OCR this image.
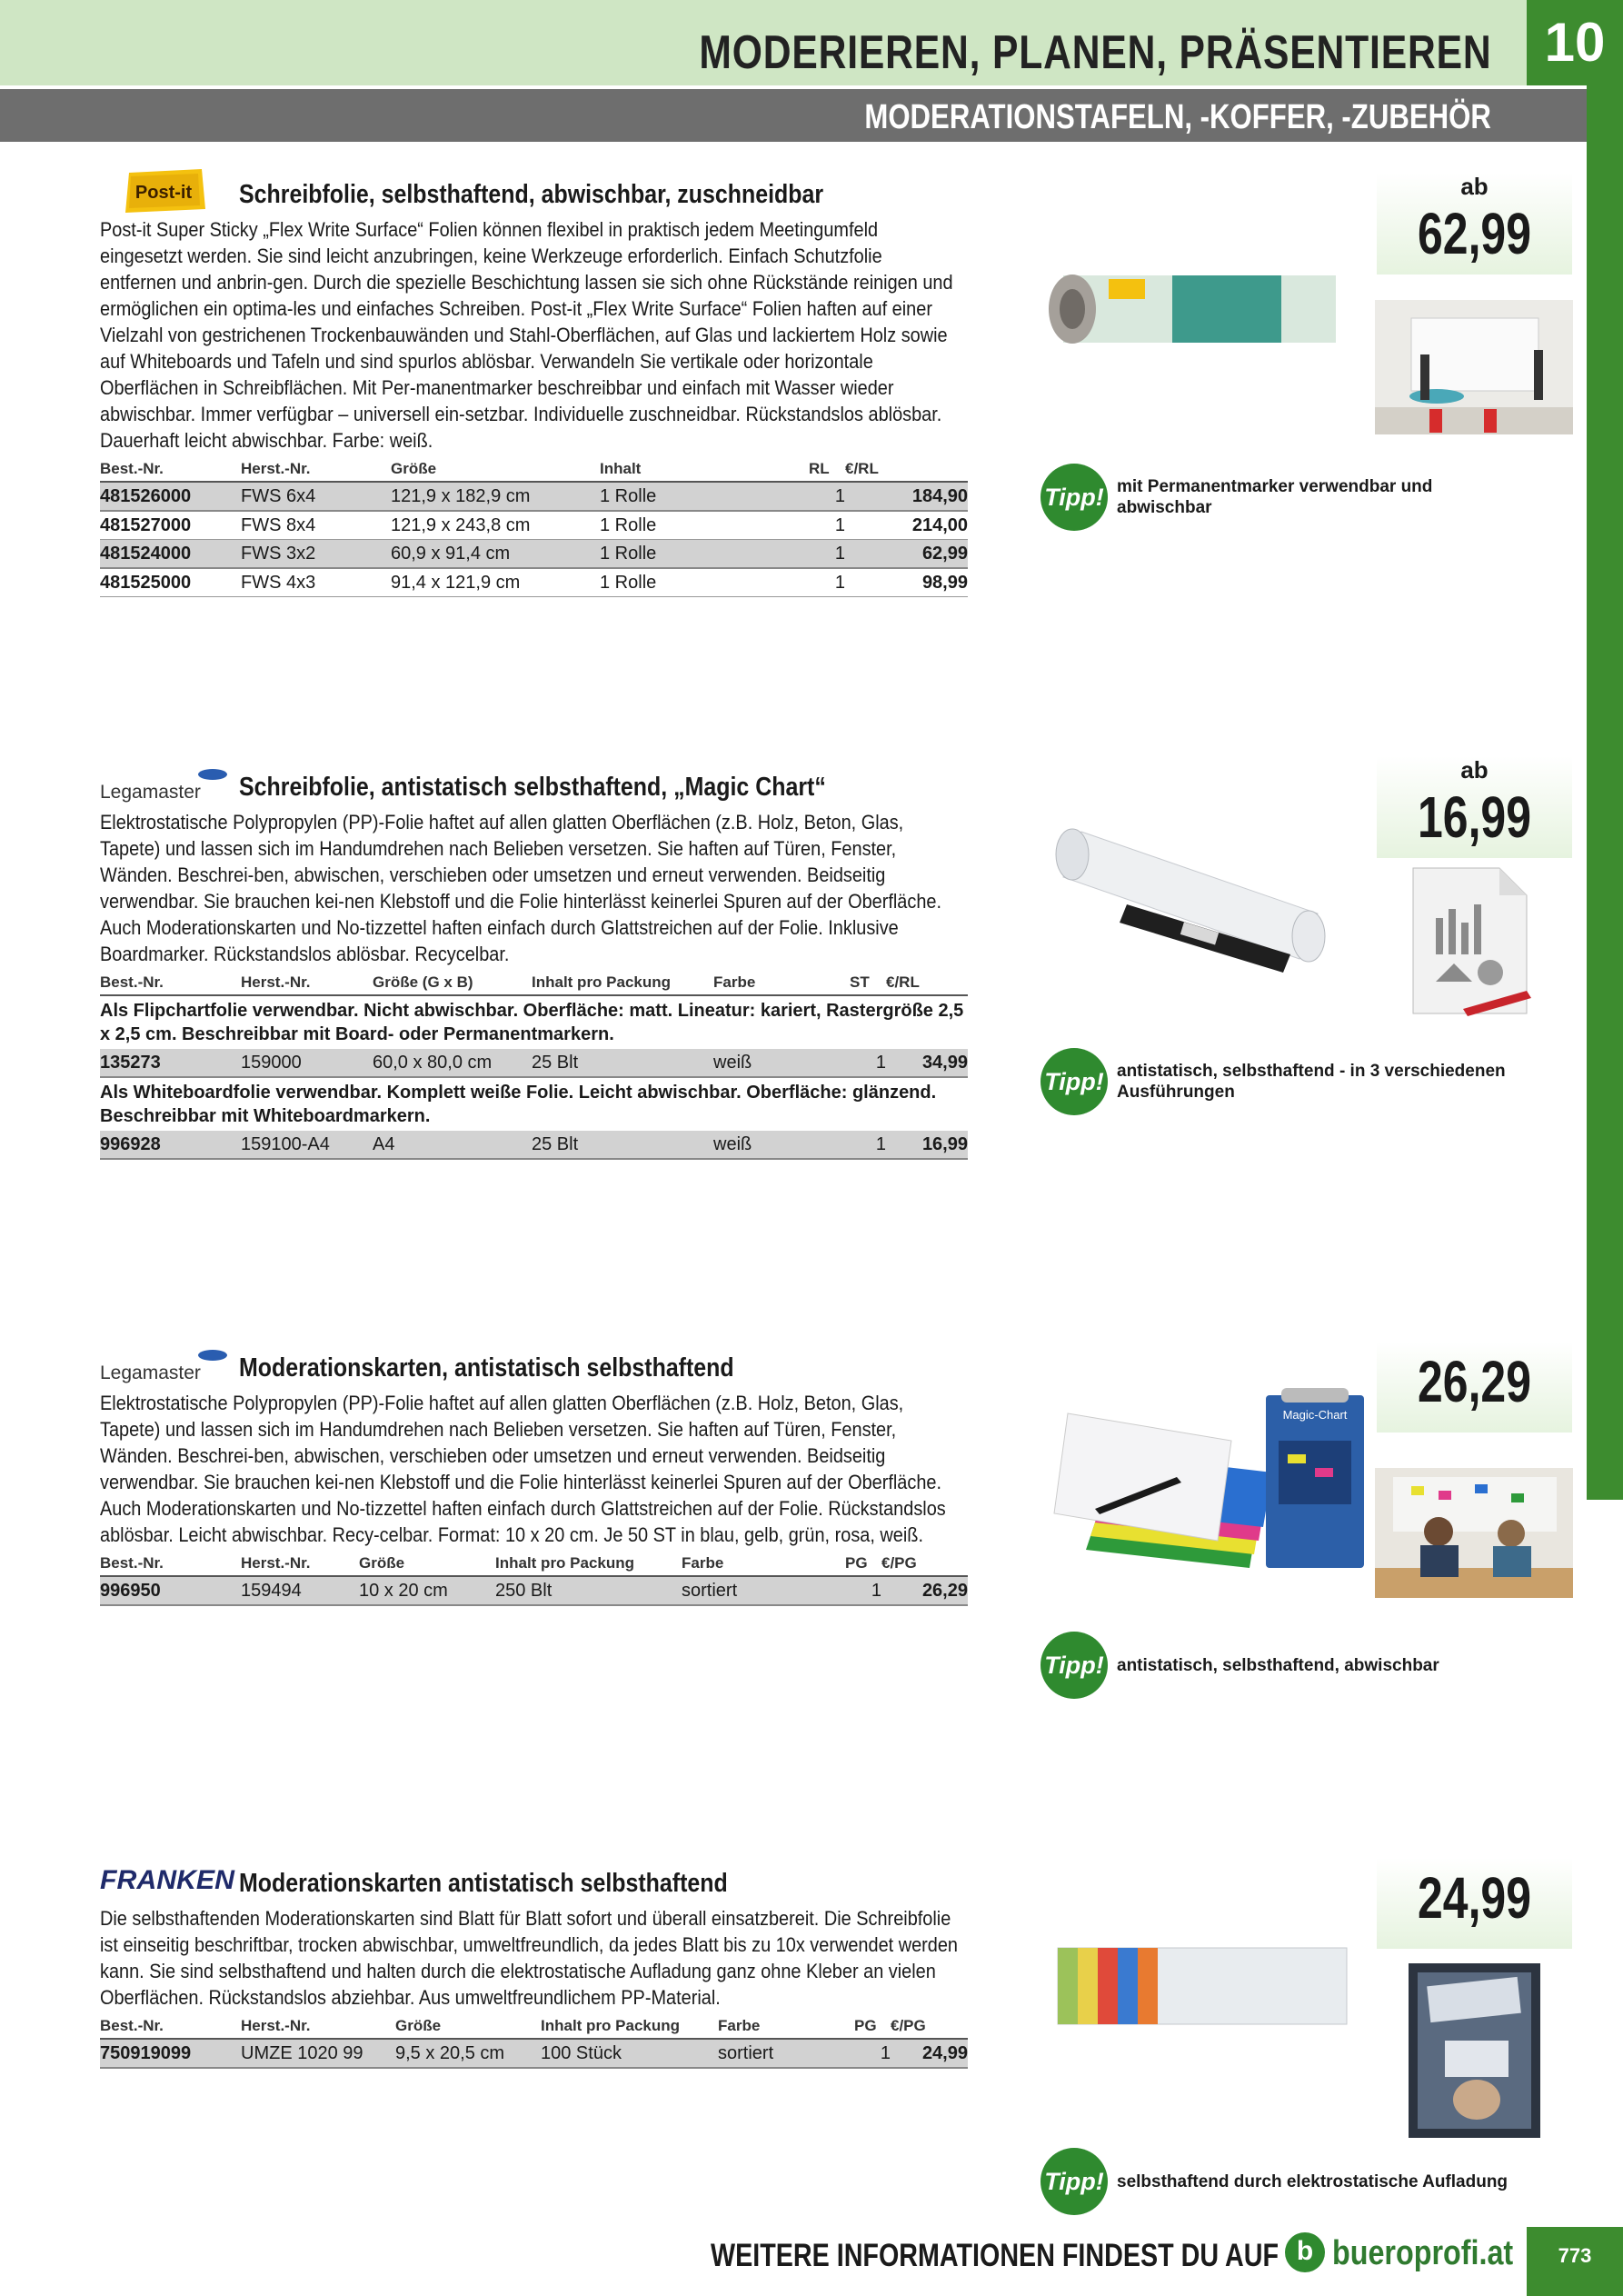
MODERIEREN, PLANEN, PRÄSENTIEREN 10
MODERATIONSTAFELN, -KOFFER, -ZUBEHÖR
Post-it Schreibfolie, selbsthaftend, abwischbar, zuschneidbar
Post-it Super Sticky „Flex Write Surface“ Folien können flexibel in praktisch jedem Meetingumfeld eingesetzt werden. Sie sind leicht anzubringen, keine Werkzeuge erforderlich. Einfach Schutzfolie entfernen und anbrin-gen. Durch die spezielle Beschichtung lassen sie sich ohne Rückstände reinigen und ermöglichen ein optima-les und einfaches Schreiben. Post-it „Flex Write Surface“ Folien haften auf einer Vielzahl von gestrichenen Trockenbauwänden und Stahl-Oberflächen, auf Glas und lackiertem Holz sowie auf Whiteboards und Tafeln und sind spurlos ablösbar. Verwandeln Sie vertikale oder horizontale Oberflächen in Schreibflächen. Mit Per-manentmarker beschreibbar und einfach mit Wasser wieder abwischbar. Immer verfügbar – universell ein-setzbar. Individuelle zuschneidbar. Rückstandslos ablösbar. Dauerhaft leicht abwischbar. Farbe: weiß.
Best.-Nr.	Herst.-Nr.	Größe	Inhalt	RL	€/RL
481526000	FWS 6x4	121,9 x 182,9 cm	1 Rolle	1	184,90
481527000	FWS 8x4	121,9 x 243,8 cm	1 Rolle	1	214,00
481524000	FWS 3x2	60,9 x 91,4 cm	1 Rolle	1	62,99
481525000	FWS 4x3	91,4 x 121,9 cm	1 Rolle	1	98,99
ab
62,99
Tipp! mit Permanentmarker verwendbar und abwischbar
Legamaster Schreibfolie, antistatisch selbsthaftend, „Magic Chart“
Elektrostatische Polypropylen (PP)-Folie haftet auf allen glatten Oberflächen (z.B. Holz, Beton, Glas, Tapete) und lassen sich im Handumdrehen nach Belieben versetzen. Sie haften auf Türen, Fenster, Wänden. Beschrei-ben, abwischen, verschieben oder umsetzen und erneut verwenden. Beidseitig verwendbar. Sie brauchen kei-nen Klebstoff und die Folie hinterlässt keinerlei Spuren auf der Oberfläche. Auch Moderationskarten und No-tizzettel haften einfach durch Glattstreichen auf der Folie. Inklusive Boardmarker. Rückstandslos ablösbar. Recycelbar.
Best.-Nr.	Herst.-Nr.	Größe (G x B)	Inhalt pro Packung	Farbe	ST	€/RL
Als Flipchartfolie verwendbar. Nicht abwischbar. Oberfläche: matt. Lineatur: kariert, Rastergröße 2,5 x 2,5 cm. Beschreibbar mit Board- oder Permanentmarkern.						
135273	159000	60,0 x 80,0 cm	25 Blt	weiß	1	34,99
Als Whiteboardfolie verwendbar. Komplett weiße Folie. Leicht abwischbar. Oberfläche: glänzend. Beschreibbar mit Whiteboardmarkern.						
996928	159100-A4	A4	25 Blt	weiß	1	16,99
ab
16,99
Tipp! antistatisch, selbsthaftend - in 3 verschiedenen Ausführungen
Legamaster Moderationskarten, antistatisch selbsthaftend
Elektrostatische Polypropylen (PP)-Folie haftet auf allen glatten Oberflächen (z.B. Holz, Beton, Glas, Tapete) und lassen sich im Handumdrehen nach Belieben versetzen. Sie haften auf Türen, Fenster, Wänden. Beschrei-ben, abwischen, verschieben oder umsetzen und erneut verwenden. Beidseitig verwendbar. Sie brauchen kei-nen Klebstoff und die Folie hinterlässt keinerlei Spuren auf der Oberfläche. Auch Moderationskarten und No-tizzettel haften einfach durch Glattstreichen auf der Folie. Rückstandslos ablösbar. Leicht abwischbar. Recy-celbar. Format: 10 x 20 cm. Je 50 ST in blau, gelb, grün, rosa, weiß.
Best.-Nr.	Herst.-Nr.	Größe	Inhalt pro Packung	Farbe	PG	€/PG
996950	159494	10 x 20 cm	250 Blt	sortiert	1	26,29
26,29
Magic-Chart
Tipp! antistatisch, selbsthaftend, abwischbar
FRANKEN Moderationskarten antistatisch selbsthaftend
Die selbsthaftenden Moderationskarten sind Blatt für Blatt sofort und überall einsatzbereit. Die Schreibfolie ist einseitig beschriftbar, trocken abwischbar, umweltfreundlich, da jedes Blatt bis zu 10x verwendet werden kann. Sie sind selbsthaftend und halten durch die elektrostatische Aufladung ganz ohne Kleber an vielen Oberflächen. Rückstandslos abziehbar. Aus umweltfreundlichem PP-Material.
Best.-Nr.	Herst.-Nr.	Größe	Inhalt pro Packung	Farbe	PG	€/PG
750919099	UMZE 1020 99	9,5 x 20,5 cm	100 Stück	sortiert	1	24,99
24,99
Tipp! selbsthaftend durch elektrostatische Aufladung
WEITERE INFORMATIONEN FINDEST DU AUF b bueroprofi.at	773
